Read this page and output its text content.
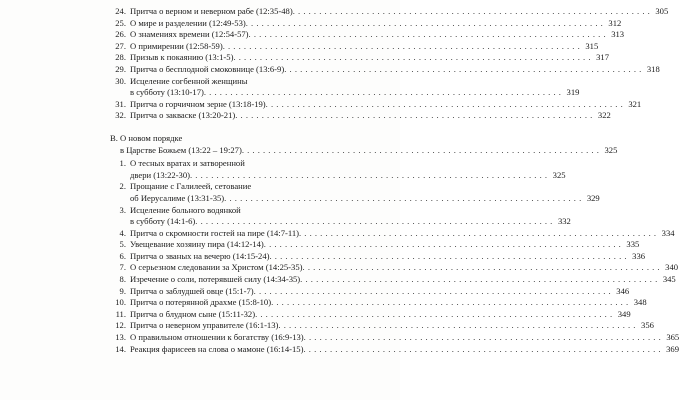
24. Притча о верном и неверном рабе (12:35-48) . . .	305
25. О мире и разделении (12:49-53) . . .	312
26. О знамениях времени (12:54-57) . . .	313
27. О примирении (12:58-59) . . .	315
28. Призыв к покаянию (13:1-5) . . .	317
29. Притча о бесплодной смоковнице (13:6-9) . . .	318
30. Исцеление согбенной женщины
в субботу (13:10-17) . . .	319
31. Притча о горчичном зерне (13:18-19) . . .	321
32. Притча о закваске (13:20-21) . . .	322
В. О новом порядке
в Царстве Божьем (13:22 – 19:27) . . .	325
1. О тесных вратах и затворенной
двери (13:22-30) . . .	325
2. Прощание с Галилеей, сетование
об Иерусалиме (13:31-35) . . .	329
3. Исцеление больного водянкой
в субботу (14:1-6) . . .	332
4. Притча о скромности гостей на пире (14:7-11) . . .	334
5. Увещевание хозяину пира (14:12-14) . . .	335
6. Притча о званых на вечерю (14:15-24) . . .	336
7. О серьезном следовании за Христом (14:25-35) . . .	340
8. Изречение о соли, потерявшей силу (14:34-35) . . .	345
9. Притча о заблудшей овце (15:1-7) . . .	346
10. Притча о потерянной драхме (15:8-10) . . .	348
11. Притча о блудном сыне (15:11-32) . . .	349
12. Притча о неверном управителе (16:1-13) . . .	356
13. О правильном отношении к богатству (16:9-13) . . .	365
14. Реакция фарисеев на слова о мамоне (16:14-15) . . .	369
